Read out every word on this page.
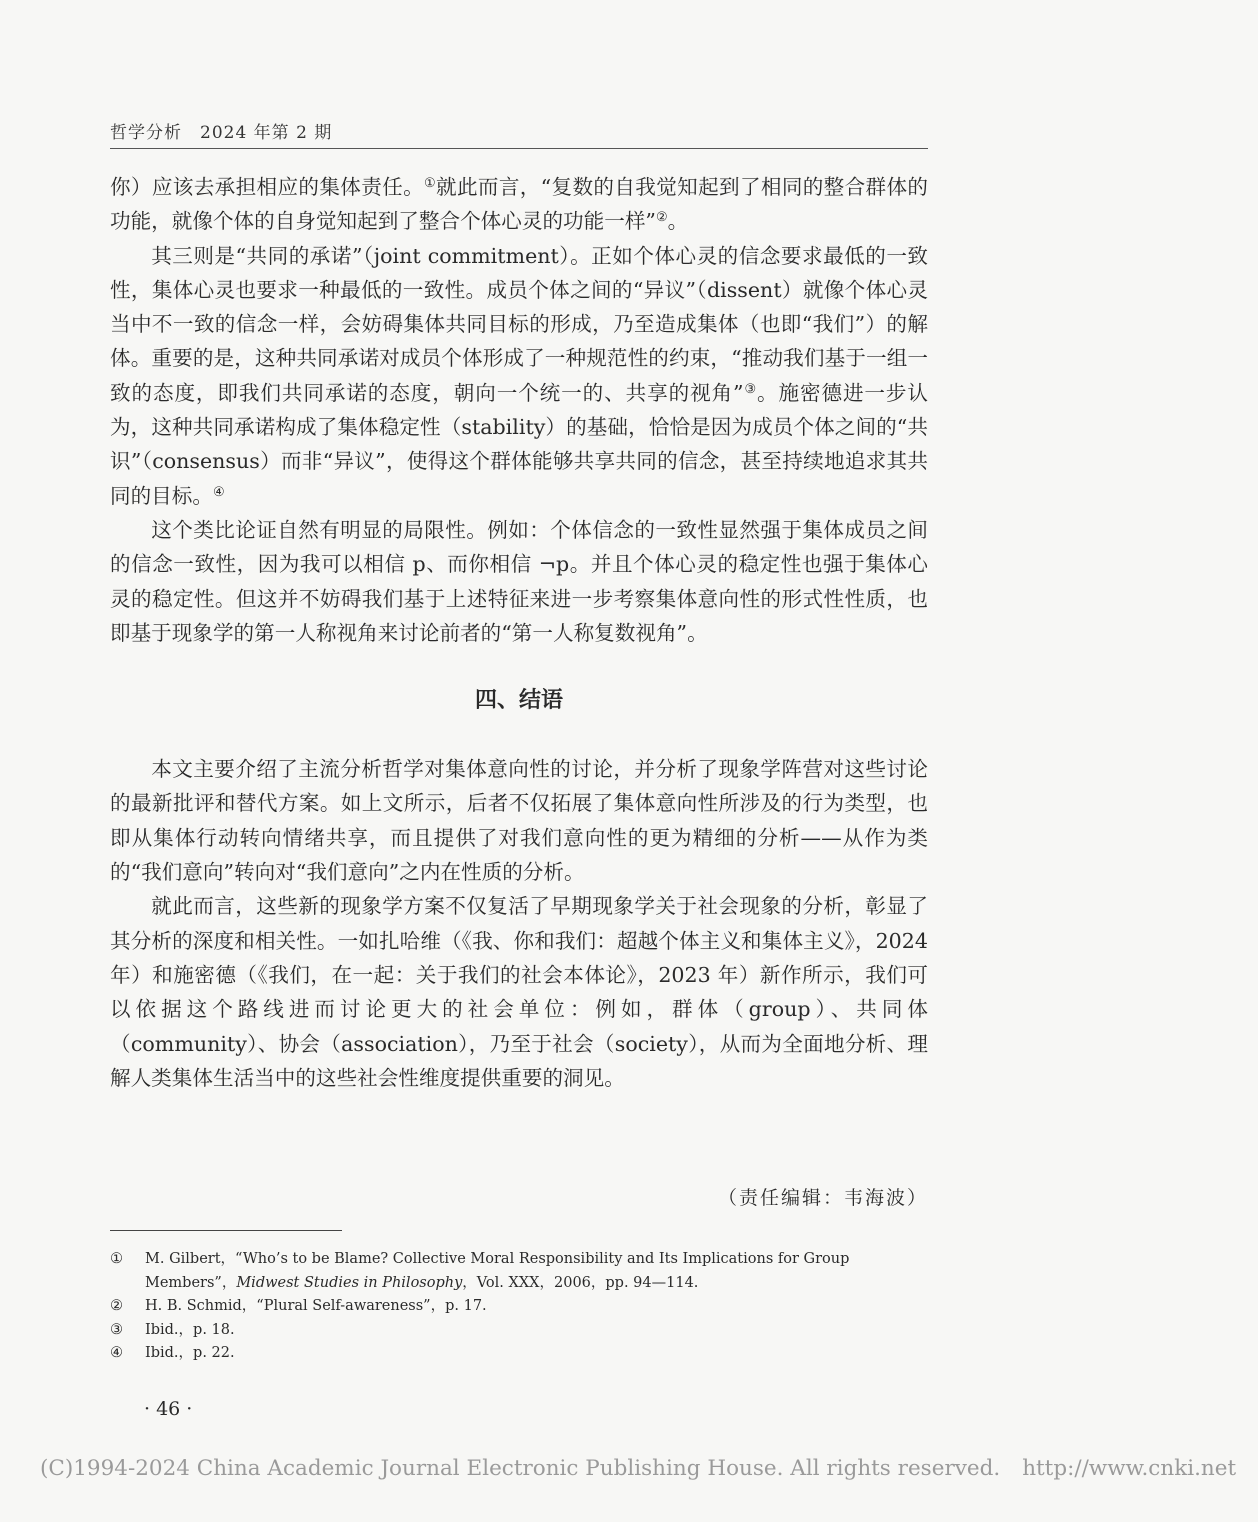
哲学分析　2024 年第 2 期

你）应该去承担相应的集体责任。①就此而言，“复数的自我觉知起到了相同的整合群体的功能，就像个体的自身觉知起到了整合个体心灵的功能一样”②。

其三则是“共同的承诺”（joint commitment）。正如个体心灵的信念要求最低的一致性，集体心灵也要求一种最低的一致性。成员个体之间的“异议”（dissent）就像个体心灵当中不一致的信念一样，会妨碍集体共同目标的形成，乃至造成集体（也即“我们”）的解体。重要的是，这种共同承诺对成员个体形成了一种规范性的约束，“推动我们基于一组一致的态度，即我们共同承诺的态度，朝向一个统一的、共享的视角”③。施密德进一步认为，这种共同承诺构成了集体稳定性（stability）的基础，恰恰是因为成员个体之间的“共识”（consensus）而非“异议”，使得这个群体能够共享共同的信念，甚至持续地追求其共同的目标。④

这个类比论证自然有明显的局限性。例如：个体信念的一致性显然强于集体成员之间的信念一致性，因为我可以相信 p、而你相信 ¬p。并且个体心灵的稳定性也强于集体心灵的稳定性。但这并不妨碍我们基于上述特征来进一步考察集体意向性的形式性性质，也即基于现象学的第一人称视角来讨论前者的“第一人称复数视角”。

四、结语

本文主要介绍了主流分析哲学对集体意向性的讨论，并分析了现象学阵营对这些讨论的最新批评和替代方案。如上文所示，后者不仅拓展了集体意向性所涉及的行为类型，也即从集体行动转向情绪共享，而且提供了对我们意向性的更为精细的分析——从作为类的“我们意向”转向对“我们意向”之内在性质的分析。

就此而言，这些新的现象学方案不仅复活了早期现象学关于社会现象的分析，彰显了其分析的深度和相关性。一如扎哈维（《我、你和我们：超越个体主义和集体主义》，2024 年）和施密德（《我们，在一起：关于我们的社会本体论》，2023 年）新作所示，我们可以依据这个路线进而讨论更大的社会单位：例如，群体（group）、共同体（community）、协会（association），乃至于社会（society），从而为全面地分析、理解人类集体生活当中的这些社会性维度提供重要的洞见。

（责任编辑：韦海波）
①	M. Gilbert，“Who’s to be Blame? Collective Moral Responsibility and Its Implications for Group Members”，Midwest Studies in Philosophy，Vol. XXX，2006，pp. 94—114.
②	H. B. Schmid，“Plural Self-awareness”，p. 17.
③	Ibid.，p. 18.
④	Ibid.，p. 22.
· 46 ·
(C)1994-2024 China Academic Journal Electronic Publishing House. All rights reserved. http://www.cnki.net
